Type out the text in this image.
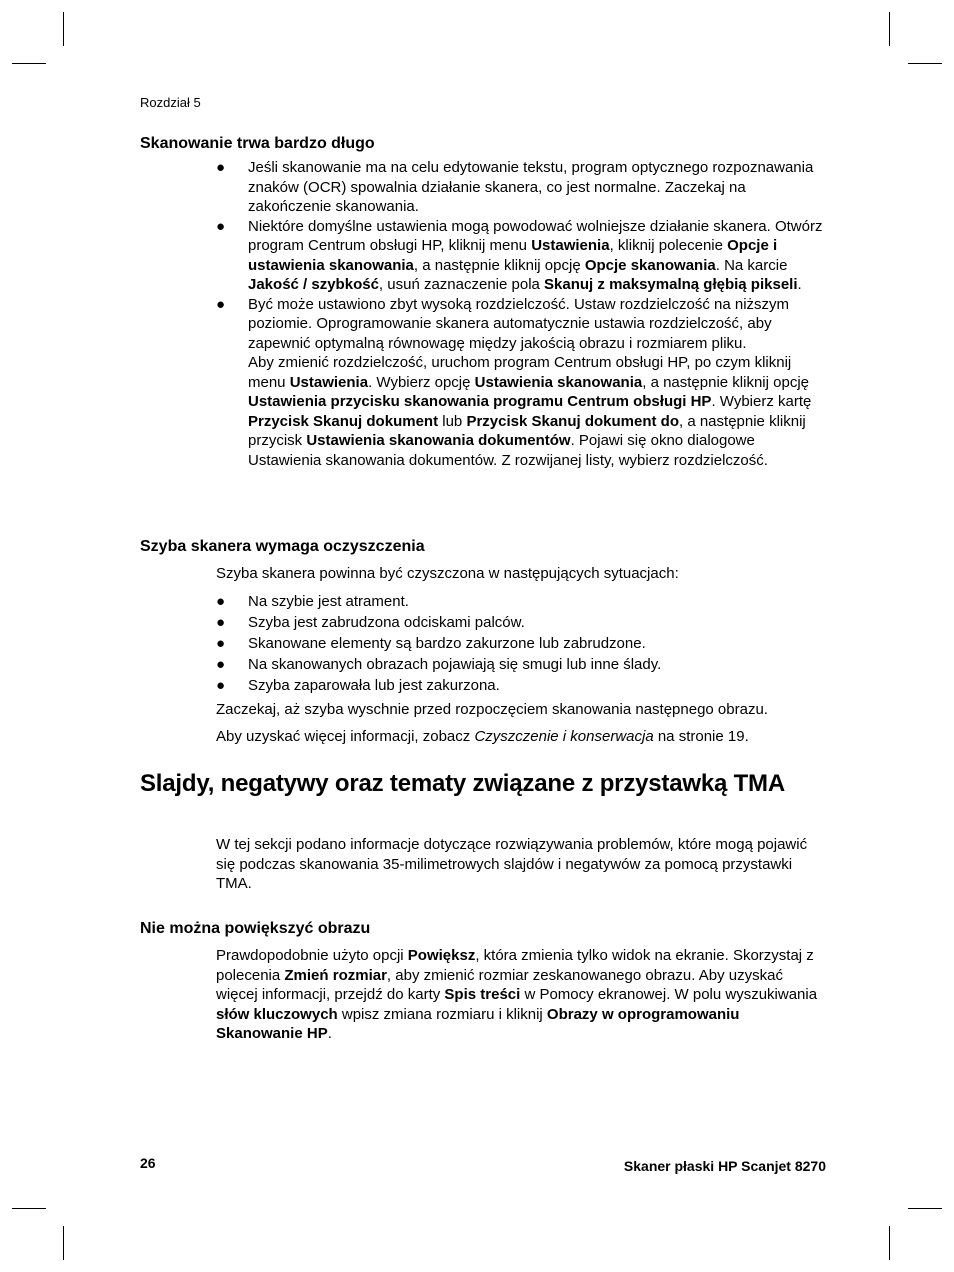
Rozdział 5
Skanowanie trwa bardzo długo
● Jeśli skanowanie ma na celu edytowanie tekstu, program optycznego rozpoznawania znaków (OCR) spowalnia działanie skanera, co jest normalne. Zaczekaj na zakończenie skanowania.
● Niektóre domyślne ustawienia mogą powodować wolniejsze działanie skanera. Otwórz program Centrum obsługi HP, kliknij menu Ustawienia, kliknij polecenie Opcje i ustawienia skanowania, a następnie kliknij opcję Opcje skanowania. Na karcie Jakość / szybkość, usuń zaznaczenie pola Skanuj z maksymalną głębią pikseli.
● Być może ustawiono zbyt wysoką rozdzielczość. Ustaw rozdzielczość na niższym poziomie. Oprogramowanie skanera automatycznie ustawia rozdzielczość, aby zapewnić optymalną równowagę między jakością obrazu i rozmiarem pliku.
Aby zmienić rozdzielczość, uruchom program Centrum obsługi HP, po czym kliknij menu Ustawienia. Wybierz opcję Ustawienia skanowania, a następnie kliknij opcję Ustawienia przycisku skanowania programu Centrum obsługi HP. Wybierz kartę Przycisk Skanuj dokument lub Przycisk Skanuj dokument do, a następnie kliknij przycisk Ustawienia skanowania dokumentów. Pojawi się okno dialogowe Ustawienia skanowania dokumentów. Z rozwijanej listy, wybierz rozdzielczość.
Szyba skanera wymaga oczyszczenia
Szyba skanera powinna być czyszczona w następujących sytuacjach:
● Na szybie jest atrament.
● Szyba jest zabrudzona odciskami palców.
● Skanowane elementy są bardzo zakurzone lub zabrudzone.
● Na skanowanych obrazach pojawiają się smugi lub inne ślady.
● Szyba zaparowała lub jest zakurzona.
Zaczekaj, aż szyba wyschnie przed rozpoczęciem skanowania następnego obrazu.
Aby uzyskać więcej informacji, zobacz Czyszczenie i konserwacja na stronie 19.
Slajdy, negatywy oraz tematy związane z przystawką TMA
W tej sekcji podano informacje dotyczące rozwiązywania problemów, które mogą pojawić się podczas skanowania 35-milimetrowych slajdów i negatywów za pomocą przystawki TMA.
Nie można powiększyć obrazu
Prawdopodobnie użyto opcji Powiększ, która zmienia tylko widok na ekranie. Skorzystaj z polecenia Zmień rozmiar, aby zmienić rozmiar zeskanowanego obrazu. Aby uzyskać więcej informacji, przejdź do karty Spis treści w Pomocy ekranowej. W polu wyszukiwania słów kluczowych wpisz zmiana rozmiaru i kliknij Obrazy w oprogramowaniu Skanowanie HP.
26	Skaner płaski HP Scanjet 8270
